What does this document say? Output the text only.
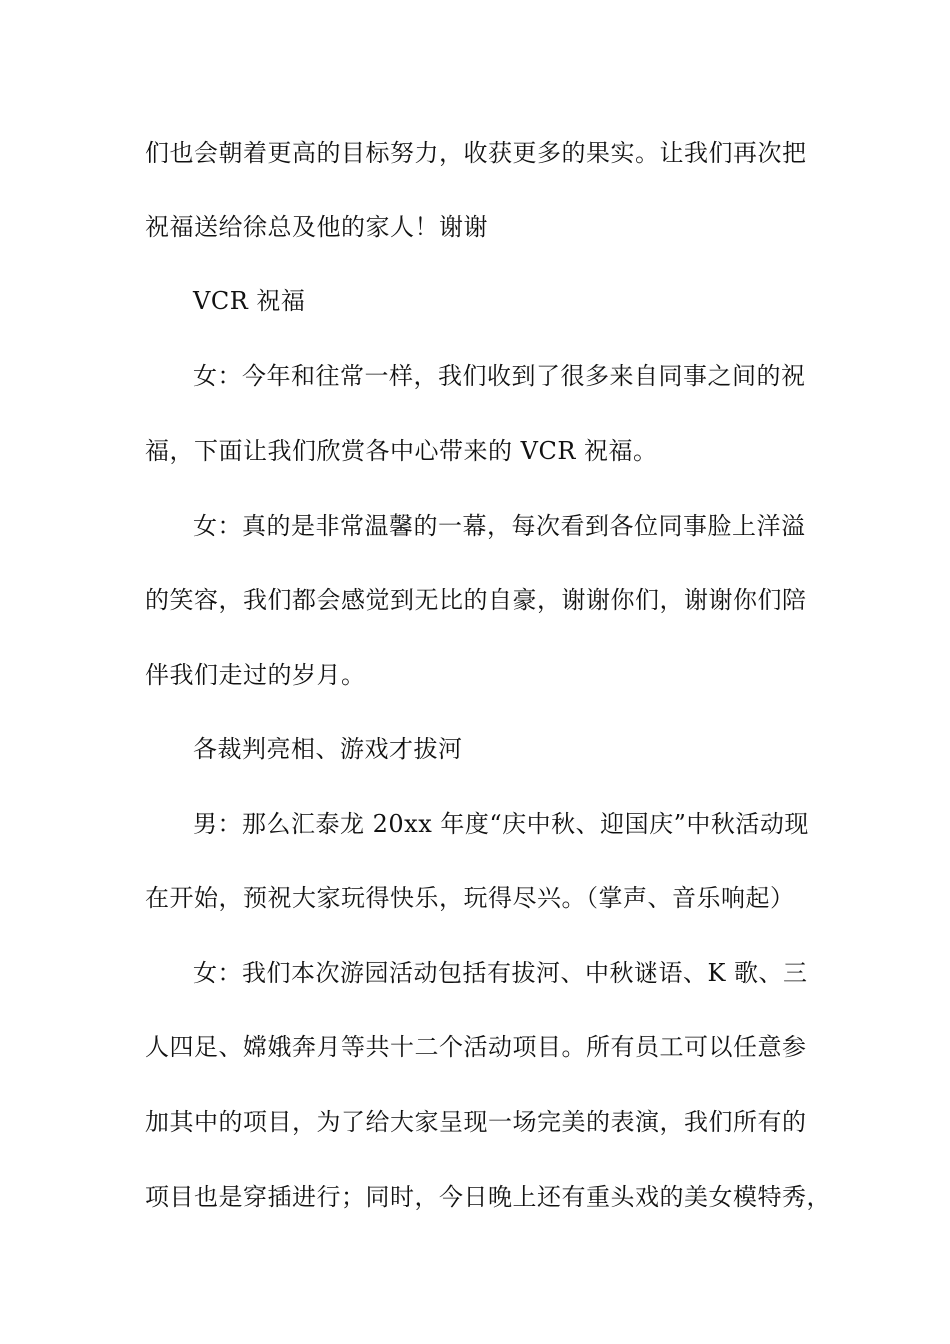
们也会朝着更高的目标努力，收获更多的果实。让我们再次把
祝福送给徐总及他的家人！谢谢
VCR 祝福
女：今年和往常一样，我们收到了很多来自同事之间的祝
福，下面让我们欣赏各中心带来的 VCR 祝福。
女：真的是非常温馨的一幕，每次看到各位同事脸上洋溢
的笑容，我们都会感觉到无比的自豪，谢谢你们，谢谢你们陪
伴我们走过的岁月。
各裁判亮相、游戏才拔河
男：那么汇泰龙 20xx 年度“庆中秋、迎国庆”中秋活动现
在开始，预祝大家玩得快乐，玩得尽兴。（掌声、音乐响起）
女：我们本次游园活动包括有拔河、中秋谜语、K 歌、三
人四足、嫦娥奔月等共十二个活动项目。所有员工可以任意参
加其中的项目，为了给大家呈现一场完美的表演，我们所有的
项目也是穿插进行；同时，今日晚上还有重头戏的美女模特秀，
